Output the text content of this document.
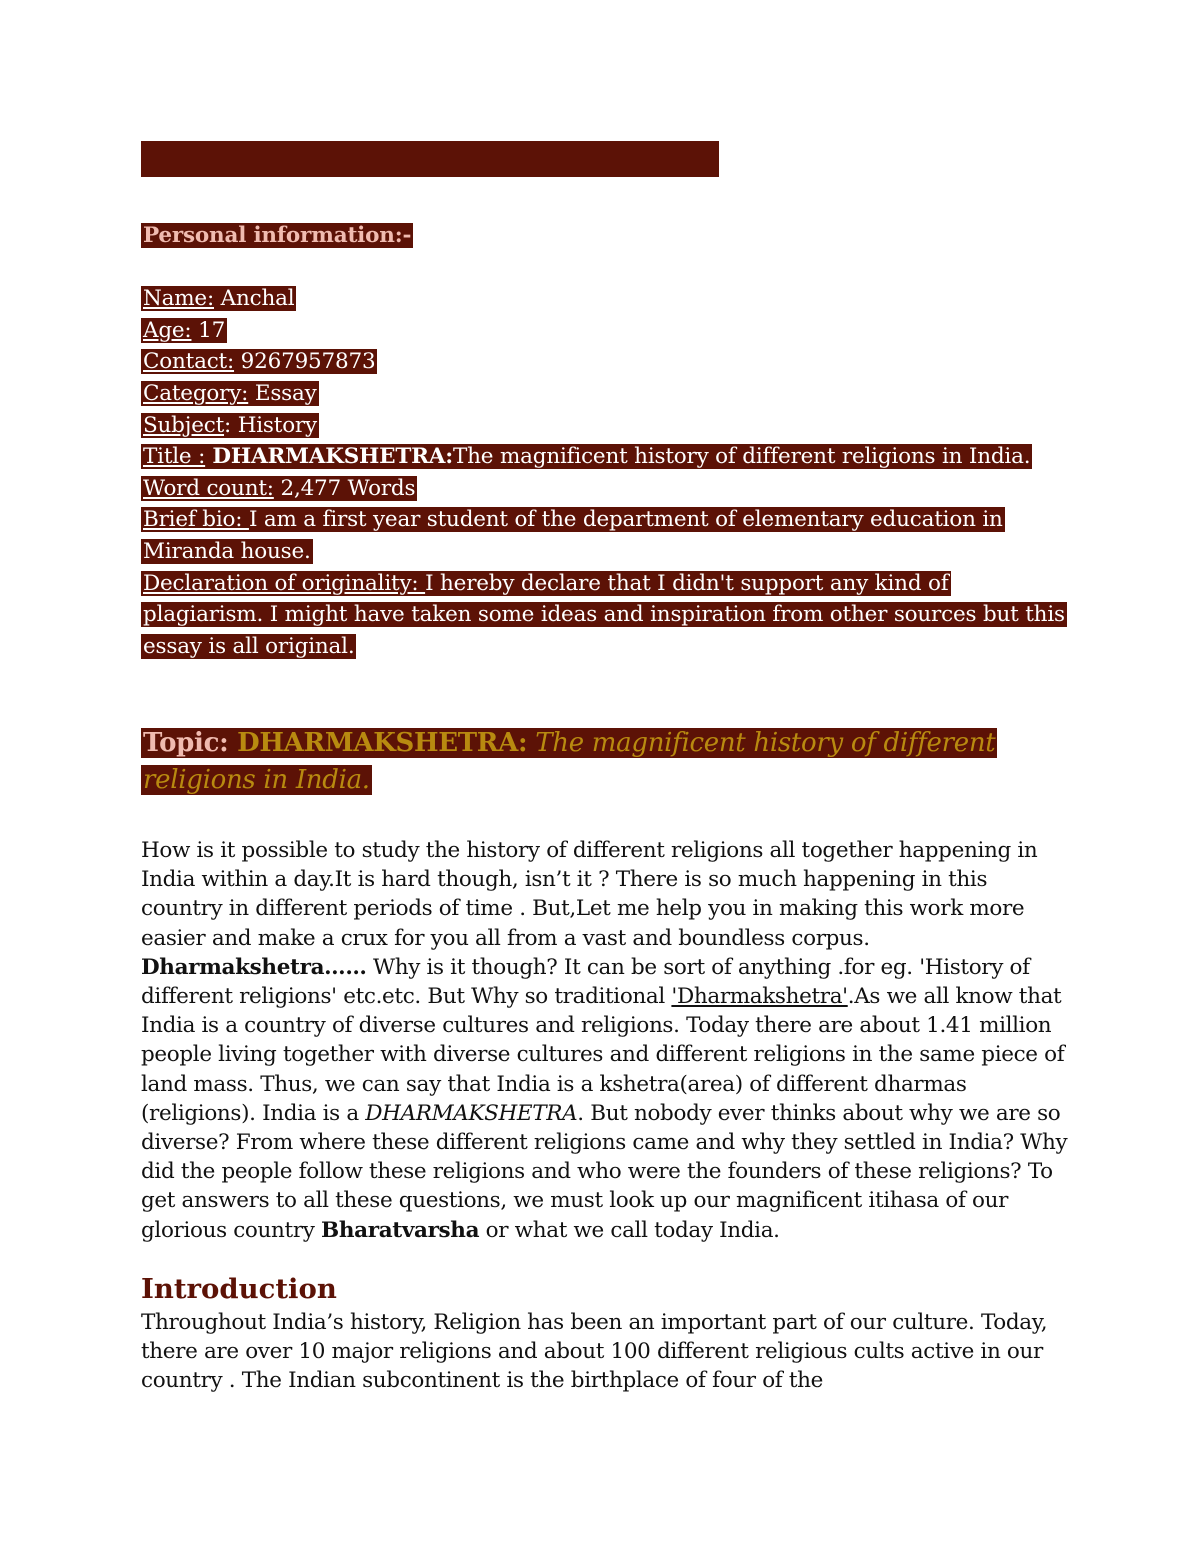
Personal information:-
Name: Anchal
Age: 17
Contact: 9267957873
Category: Essay
Subject: History
Title : DHARMAKSHETRA:The magnificent history of different religions in India.
Word count: 2,477 Words
Brief bio: I am a first year student of the department of elementary education in Miranda house.
Declaration of originality: I hereby declare that I didn't support any kind of plagiarism. I might have taken some ideas and inspiration from other sources but this essay is all original.
Topic: DHARMAKSHETRA: The magnificent history of different religions in India.

How is it possible to study the history of different religions all together happening in India within a day.It is hard though, isn’t it ? There is so much happening in this country in different periods of time . But,Let me help you in making this work more easier and make a crux for you all from a vast and boundless corpus. Dharmakshetra…… Why is it though? It can be sort of anything .for eg. 'History of different religions' etc.etc. But Why so traditional 'Dharmakshetra'.As we all know that India is a country of diverse cultures and religions. Today there are about 1.41 million people living together with diverse cultures and different religions in the same piece of land mass. Thus, we can say that India is a kshetra(area) of different dharmas (religions). India is a DHARMAKSHETRA. But nobody ever thinks about why we are so diverse? From where these different religions came and why they settled in India? Why did the people follow these religions and who were the founders of these religions? To get answers to all these questions, we must look up our magnificent itihasa of our glorious country Bharatvarsha or what we call today India.

Introduction

Throughout India’s history, Religion has been an important part of our culture. Today, there are over 10 major religions and about 100 different religious cults active in our country . The Indian subcontinent is the birthplace of four of the
